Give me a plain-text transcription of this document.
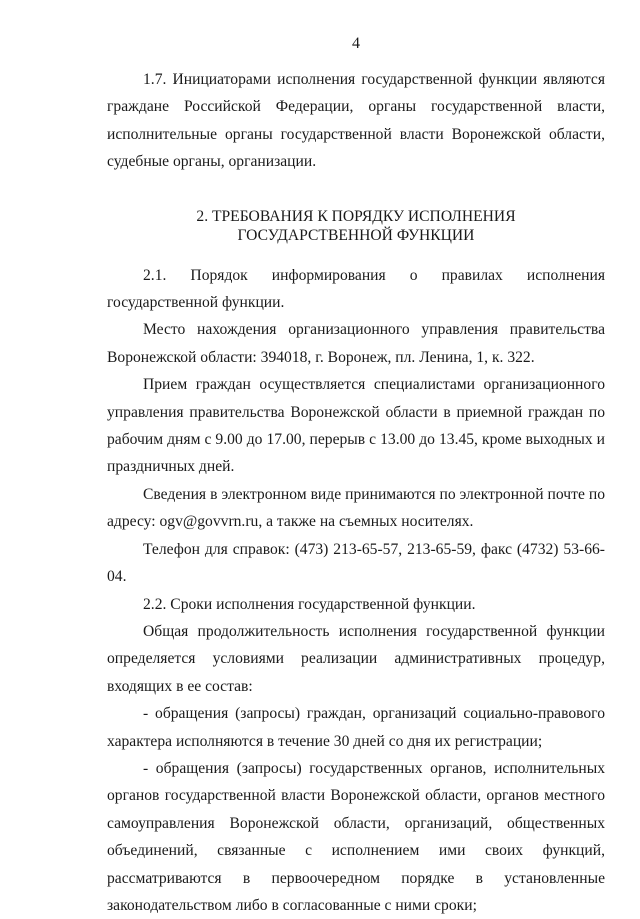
4

1.7. Инициаторами исполнения государственной функции являются граждане Российской Федерации, органы государственной власти, исполнительные органы государственной власти Воронежской области, судебные органы, организации.

2. ТРЕБОВАНИЯ К ПОРЯДКУ ИСПОЛНЕНИЯ

ГОСУДАРСТВЕННОЙ ФУНКЦИИ

2.1. Порядок информирования о правилах исполнения государственной функции.

Место нахождения организационного управления правительства Воронежской области: 394018, г. Воронеж, пл. Ленина, 1, к. 322.

Прием граждан осуществляется специалистами организационного управления правительства Воронежской области в приемной граждан по рабочим дням с 9.00 до 17.00, перерыв с 13.00 до 13.45, кроме выходных и праздничных дней.

Сведения в электронном виде принимаются по электронной почте по адресу: ogv@govvrn.ru, а также на съемных носителях.

Телефон для справок: (473) 213-65-57, 213-65-59, факс (4732) 53-66-04.

2.2. Сроки исполнения государственной функции.

Общая продолжительность исполнения государственной функции определяется условиями реализации административных процедур, входящих в ее состав:

- обращения (запросы) граждан, организаций социально-правового характера исполняются в течение 30 дней со дня их регистрации;

- обращения (запросы) государственных органов, исполнительных органов государственной власти Воронежской области, органов местного самоуправления Воронежской области, организаций, общественных объединений, связанные с исполнением ими своих функций, рассматриваются в первоочередном порядке в установленные законодательством либо в согласованные с ними сроки;
